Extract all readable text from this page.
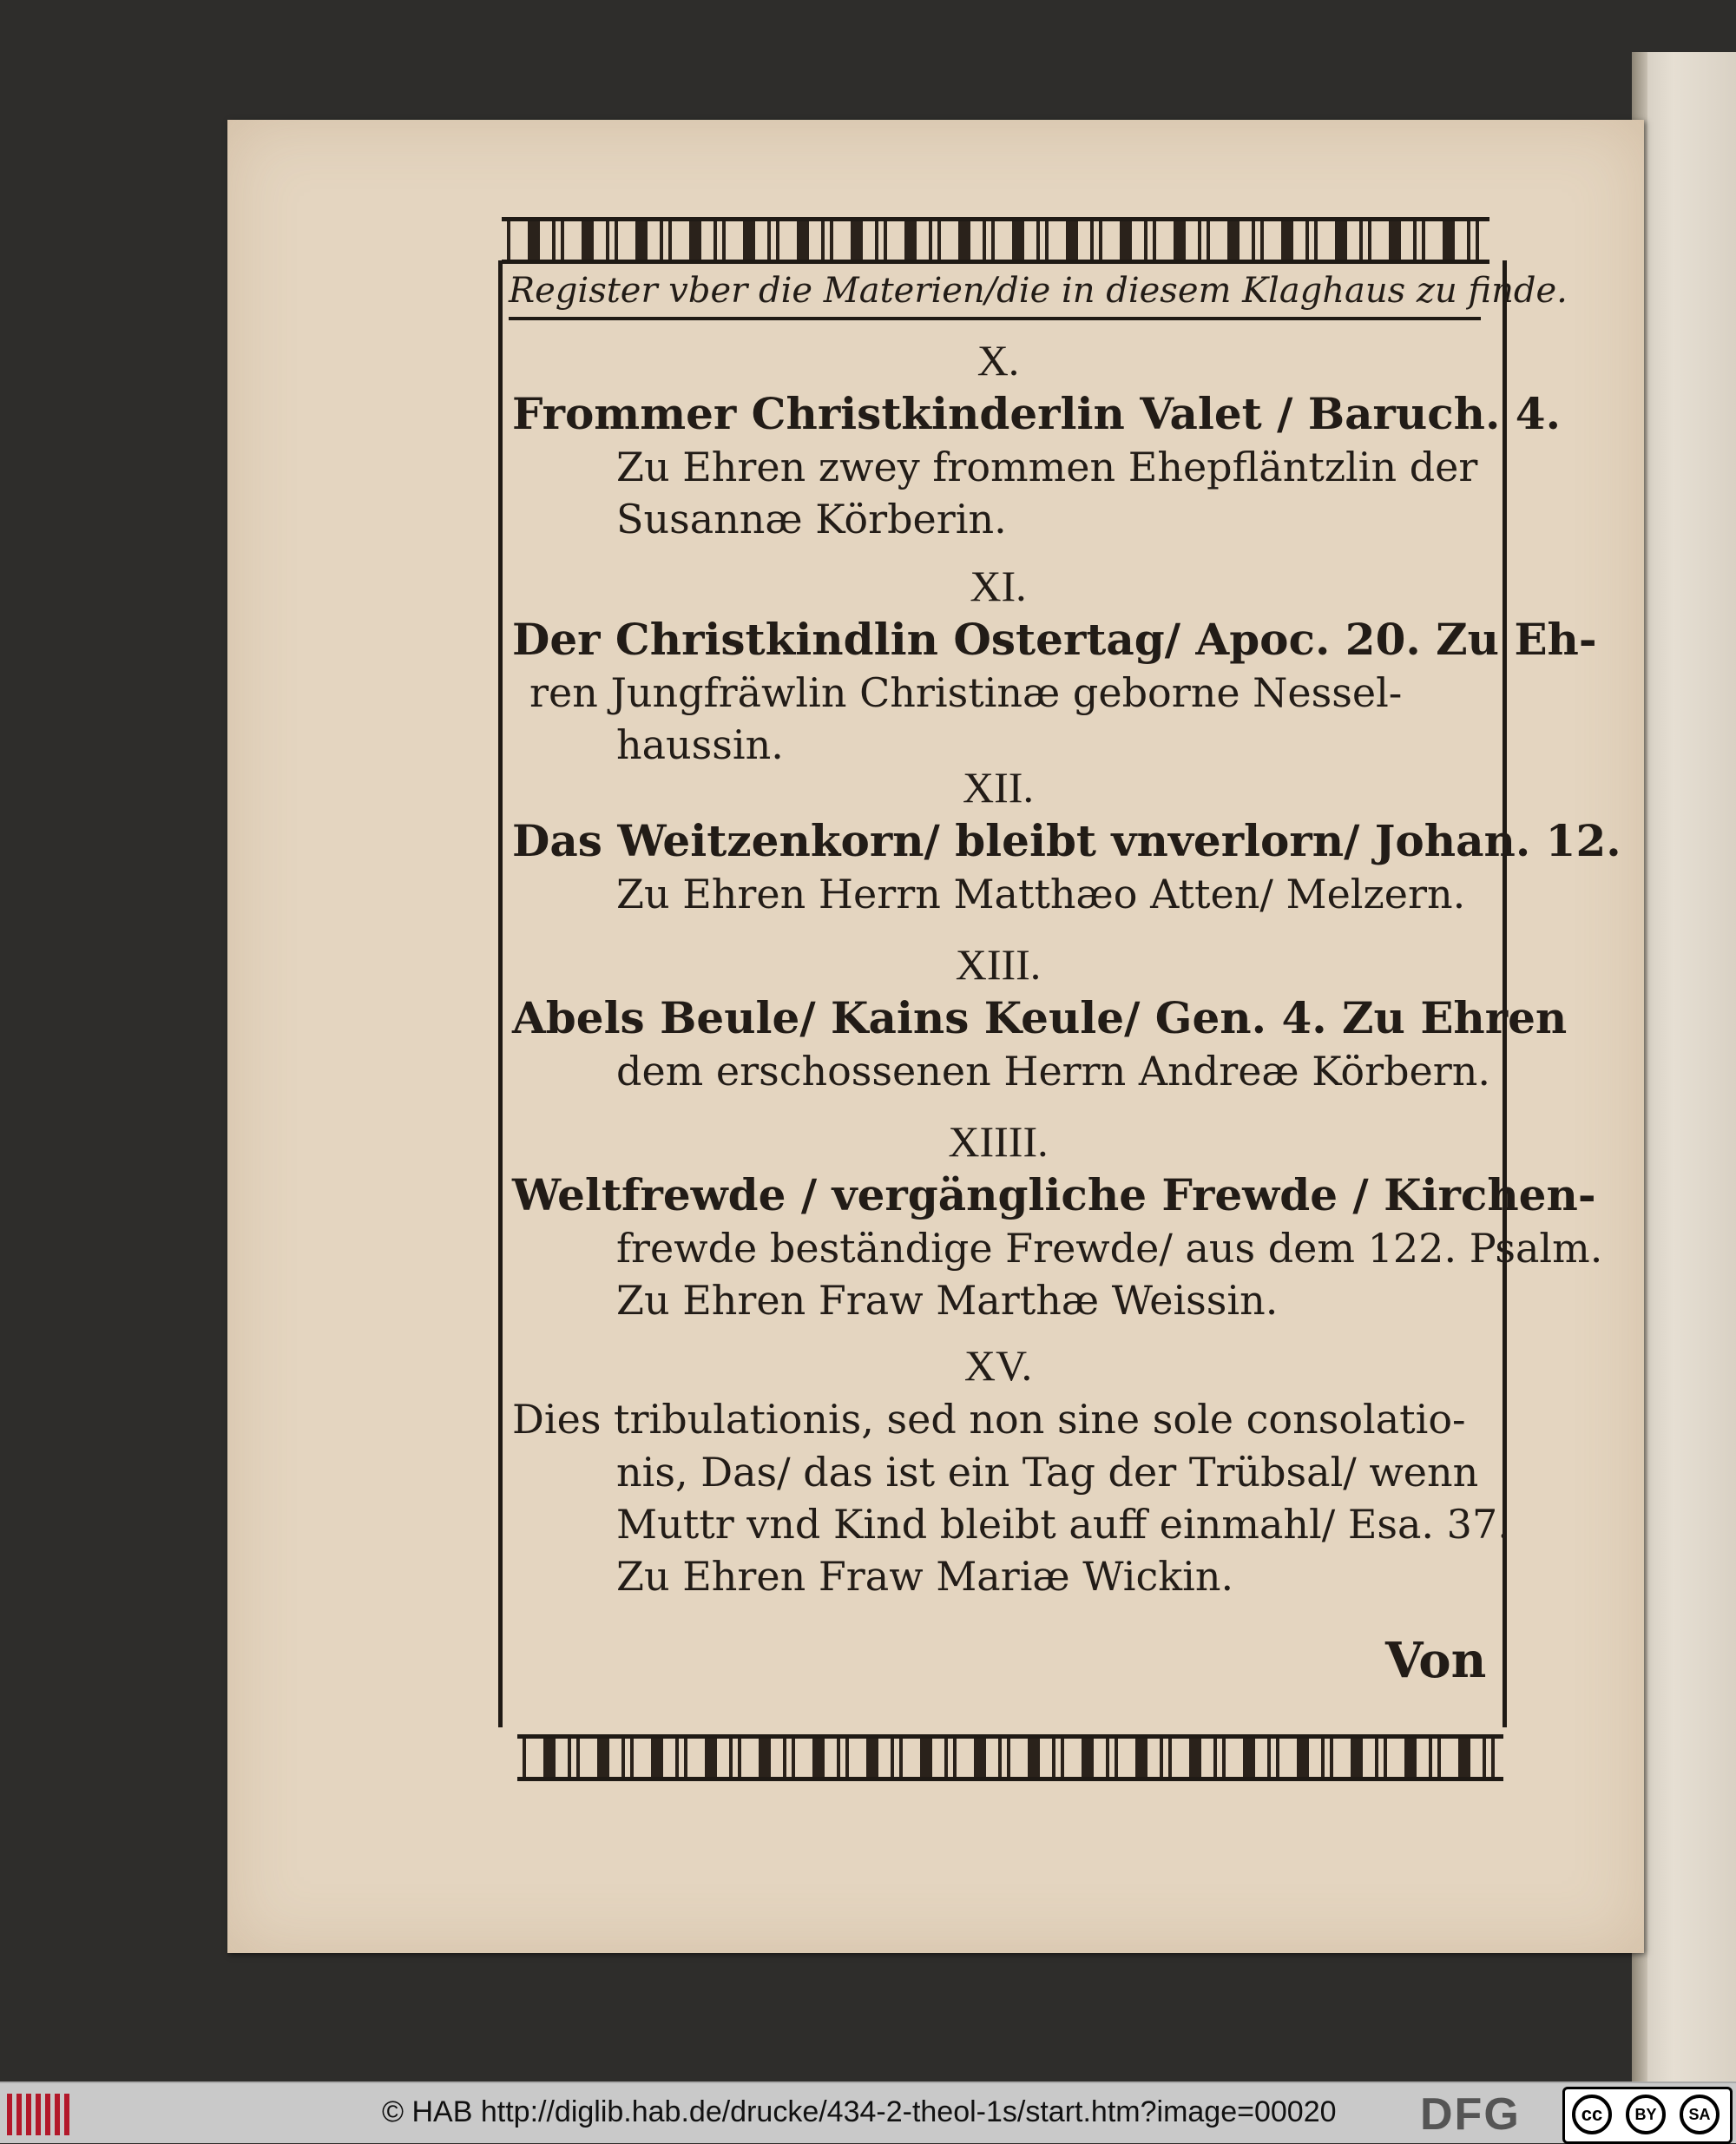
Register vber die Materien/die in diesem Klaghaus zu finde.
X.
Frommer Christkinderlin Valet / Baruch. 4.
Zu Ehren zwey frommen Ehepfläntzlin der
Susannæ Körberin.
XI.
Der Christkindlin Ostertag/ Apoc. 20. Zu Eh-
ren Jungfräwlin Christinæ geborne Nessel-
haussin.
XII.
Das Weitzenkorn/ bleibt vnverlorn/ Johan. 12.
Zu Ehren Herrn Matthæo Atten/ Melzern.
XIII.
Abels Beule/ Kains Keule/ Gen. 4. Zu Ehren
dem erschossenen Herrn Andreæ Körbern.
XIIII.
Weltfrewde / vergängliche Frewde / Kirchen-
frewde beständige Frewde/ aus dem 122. Psalm.
Zu Ehren Fraw Marthæ Weissin.
XV.
Dies tribulationis, sed non sine sole consolatio-
nis, Das/ das ist ein Tag der Trübsal/ wenn
Muttr vnd Kind bleibt auff einmahl/ Esa. 37.
Zu Ehren Fraw Mariæ Wickin.
Von
© HAB http://diglib.hab.de/drucke/434-2-theol-1s/start.htm?image=00020 DFG	cc	BY	SA
